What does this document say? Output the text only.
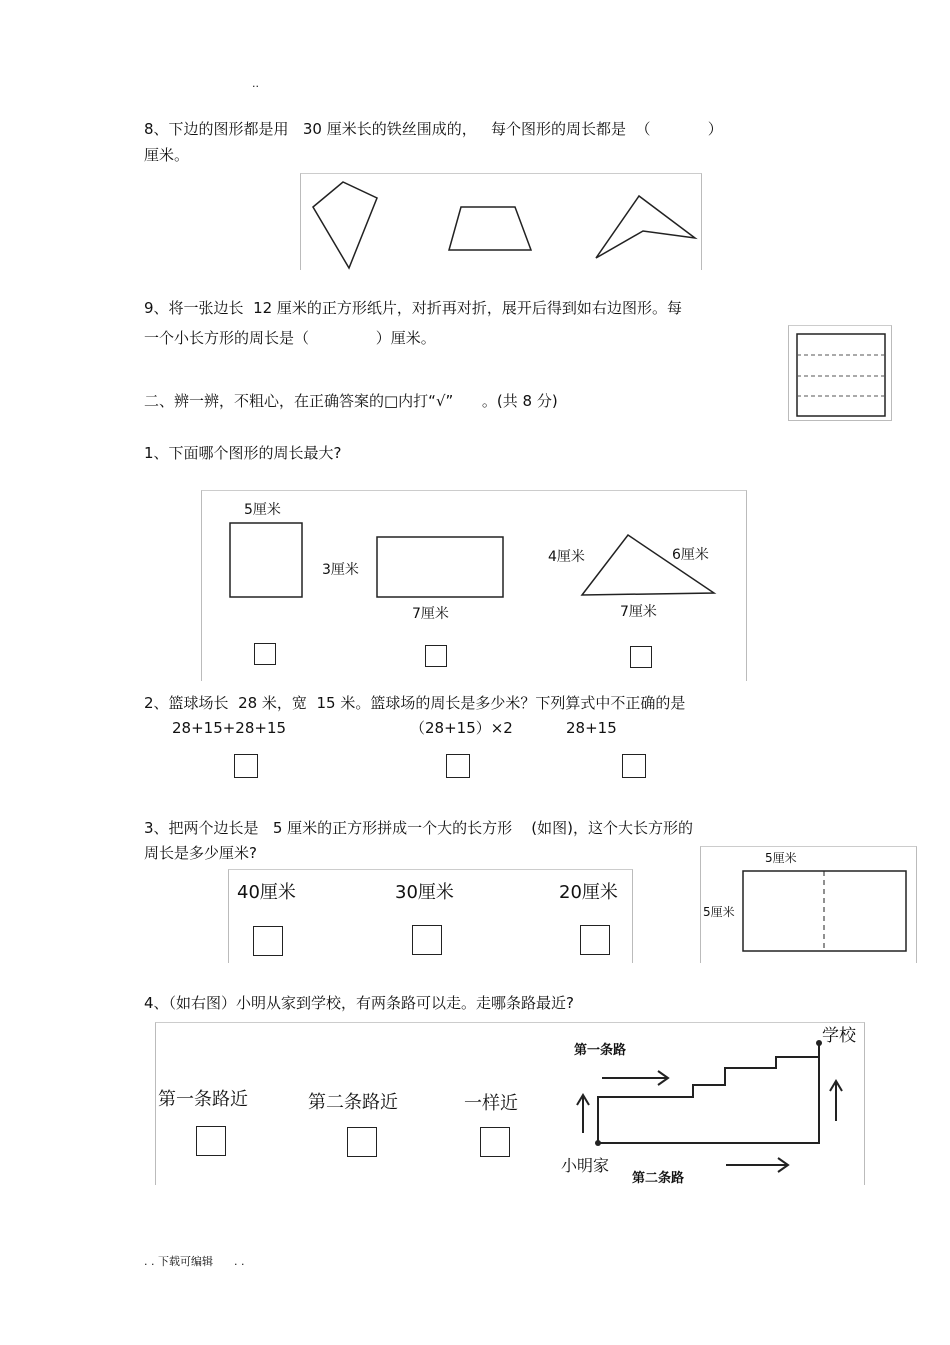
..
8、下边的图形都是用   30 厘米长的铁丝围成的，   每个图形的周长都是  （            ）
厘米。
9、将一张边长  12 厘米的正方形纸片，对折再对折，展开后得到如右边图形。每
一个小长方形的周长是（              ）厘米。
二、辨一辨，不粗心，在正确答案的□内打“√”      。(共 8 分)
1、下面哪个图形的周长最大?
5厘米
3厘米
7厘米
4厘米	6厘米
7厘米
2、篮球场长  28 米，宽  15 米。篮球场的周长是多少米？下列算式中不正确的是
28+15+28+15	（28+15）×2	28+15
3、把两个边长是   5 厘米的正方形拼成一个大的长方形    (如图)，这个大长方形的
周长是多少厘米?
40厘米	30厘米	20厘米
5厘米
5厘米
4、（如右图）小明从家到学校，有两条路可以走。走哪条路最近?
第一条路近	第二条路近	一样近
第一条路
学校
小明家
第二条路
. . 下载可编辑      . .
